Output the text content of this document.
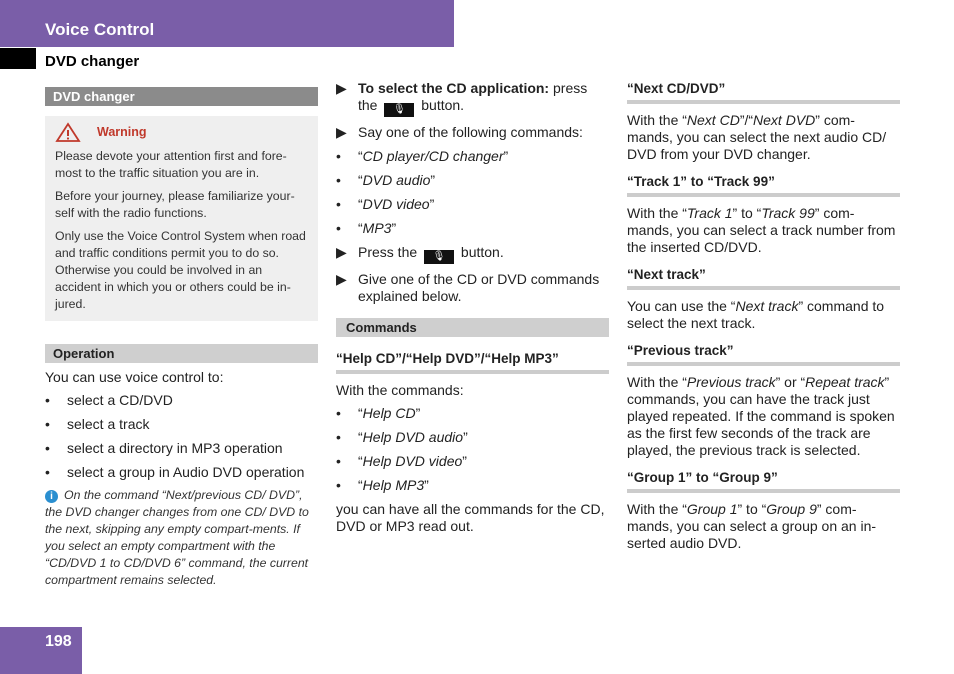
Voice Control
DVD changer
DVD changer
Warning

Please devote your attention first and fore-most to the traffic situation you are in.

Before your journey, please familiarize your-self with the radio functions.

Only use the Voice Control System when road and traffic conditions permit you to do so. Otherwise you could be involved in an accident in which you or others could be in-jured.

Operation
You can use voice control to:
•	select a CD/DVD
•	select a track
•	select a directory in MP3 operation
•	select a group in Audio DVD operation
i On the command “Next/previous CD/ DVD”, the DVD changer changes from one CD/ DVD to the next, skipping any empty compart-ments. If you select an empty compartment with the “CD/DVD 1 to CD/DVD 6” command, the current compartment remains selected.
▶ To select the CD application: press the 🎙 button.
▶ Say one of the following commands:
•	“CD player/CD changer”
•	“DVD audio”
•	“DVD video”
•	“MP3”
▶ Press the 🎙 button.
▶ Give one of the CD or DVD commands explained below.
Commands
“Help CD”/“Help DVD”/“Help MP3”
With the commands:
•	“Help CD”
•	“Help DVD audio”
•	“Help DVD video”
•	“Help MP3”
you can have all the commands for the CD, DVD or MP3 read out.
“Next CD/DVD”
With the “Next CD”/“Next DVD” com-mands, you can select the next audio CD/ DVD from your DVD changer.
“Track 1” to “Track 99”
With the “Track 1” to “Track 99” com-mands, you can select a track number from the inserted CD/DVD.
“Next track”
You can use the “Next track” command to select the next track.
“Previous track”
With the “Previous track” or “Repeat track” commands, you can have the track just played repeated. If the command is spoken as the first few seconds of the track are played, the previous track is selected.
“Group 1” to “Group 9”
With the “Group 1” to “Group 9” com-mands, you can select a group on an in-serted audio DVD.
198
